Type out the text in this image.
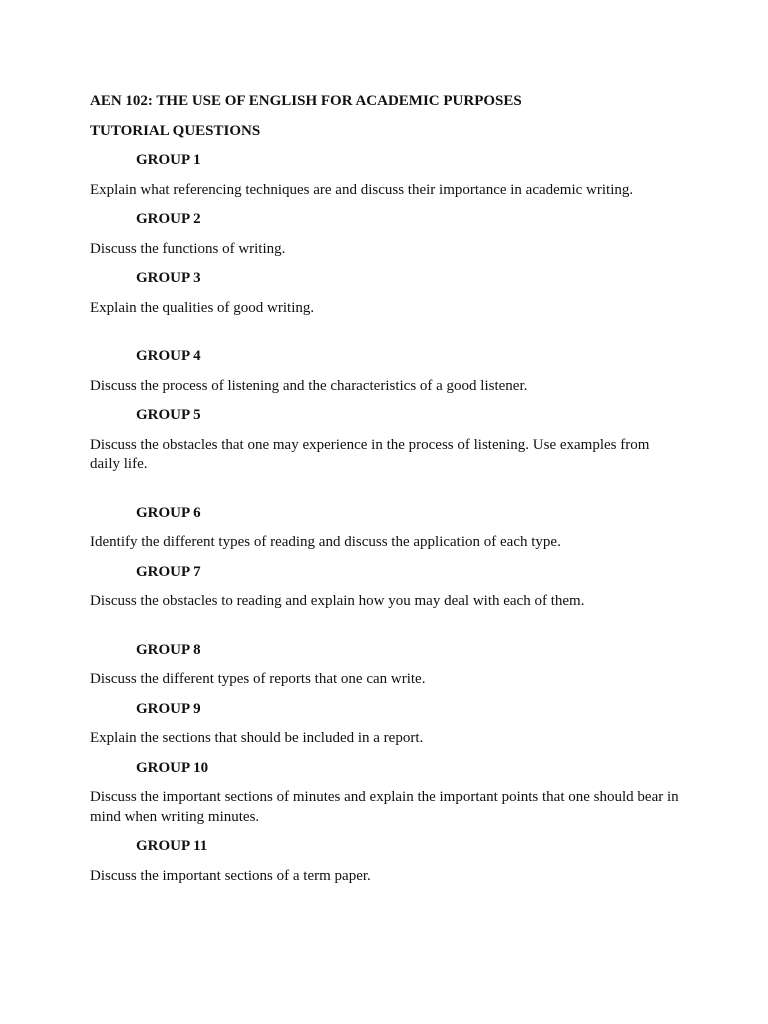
AEN 102: THE USE OF ENGLISH FOR ACADEMIC PURPOSES

TUTORIAL QUESTIONS

GROUP 1

Explain what referencing techniques are and discuss their importance in academic writing.

GROUP 2

Discuss the functions of writing.

GROUP 3

Explain the qualities of good writing.

GROUP 4

Discuss the process of listening and the characteristics of a good listener.

GROUP 5

Discuss the obstacles that one may experience in the process of listening. Use examples from daily life.

GROUP 6

Identify the different types of reading and discuss the application of each type.

GROUP 7

Discuss the obstacles to reading and explain how you may deal with each of them.

GROUP 8

Discuss the different types of reports that one can write.

GROUP 9

Explain the sections that should be included in a report.

GROUP 10

Discuss the important sections of minutes and explain the important points that one should bear in mind when writing minutes.

GROUP 11

Discuss the important sections of a term paper.
